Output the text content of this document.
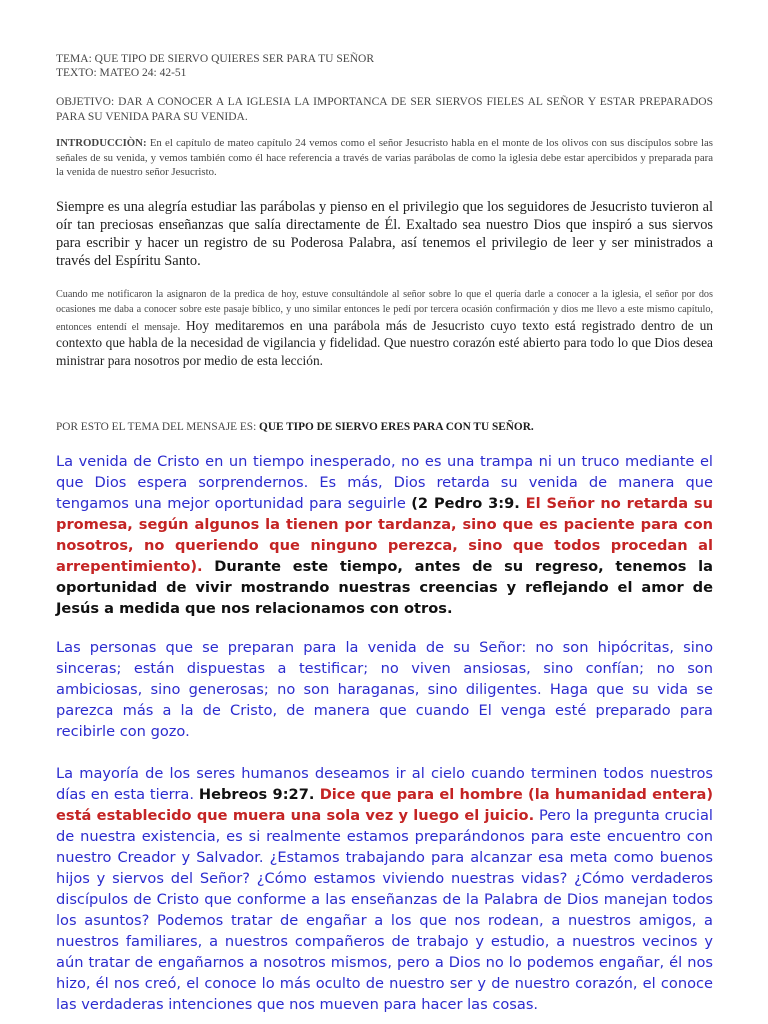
TEMA: QUE TIPO DE SIERVO QUIERES SER PARA TU SEÑOR

TEXTO: MATEO 24: 42-51

OBJETIVO: DAR A CONOCER A LA IGLESIA LA IMPORTANCA DE SER SIERVOS FIELES AL SEÑOR Y ESTAR PREPARADOS PARA SU VENIDA PARA SU VENIDA.

INTRODUCCIÒN: En el capítulo de mateo capítulo 24 vemos como el señor Jesucristo habla en el monte de los olivos con sus discípulos sobre las señales de su venida, y vemos también como él hace referencia a través de varias parábolas de como la iglesia debe estar apercibidos y preparada para la venida de nuestro señor Jesucristo.

Siempre es una alegría estudiar las parábolas y pienso en el privilegio que los seguidores de Jesucristo tuvieron al oír tan preciosas enseñanzas que salía directamente de Él. Exaltado sea nuestro Dios que inspiró a sus siervos para escribir y hacer un registro de su Poderosa Palabra, así tenemos el privilegio de leer y ser ministrados a través del Espíritu Santo.

Cuando me notificaron la asignaron de la predica de hoy, estuve consultándole al señor sobre lo que el quería darle a conocer a la iglesia, el señor por dos ocasiones me daba a conocer sobre este pasaje bíblico, y uno similar entonces le pedí por tercera ocasión confirmación y dios me llevo a este mismo capítulo, entonces entendí el mensaje. Hoy meditaremos en una parábola más de Jesucristo cuyo texto está registrado dentro de un contexto que habla de la necesidad de vigilancia y fidelidad. Que nuestro corazón esté abierto para todo lo que Dios desea ministrar para nosotros por medio de esta lección.

POR ESTO EL TEMA DEL MENSAJE ES: QUE TIPO DE SIERVO ERES PARA CON TU SEÑOR.

La venida de Cristo en un tiempo inesperado, no es una trampa ni un truco mediante el que Dios espera sorprendernos. Es más, Dios retarda su venida de manera que tengamos una mejor oportunidad para seguirle (2 Pedro 3:9. El Señor no retarda su promesa, según algunos la tienen por tardanza, sino que es paciente para con nosotros, no queriendo que ninguno perezca, sino que todos procedan al arrepentimiento). Durante este tiempo, antes de su regreso, tenemos la oportunidad de vivir mostrando nuestras creencias y reflejando el amor de Jesús a medida que nos relacionamos con otros.

Las personas que se preparan para la venida de su Señor: no son hipócritas, sino sinceras; están dispuestas a testificar; no viven ansiosas, sino confían; no son ambiciosas, sino generosas; no son haraganas, sino diligentes. Haga que su vida se parezca más a la de Cristo, de manera que cuando El venga esté preparado para recibirle con gozo.

La mayoría de los seres humanos deseamos ir al cielo cuando terminen todos nuestros días en esta tierra. Hebreos 9:27. Dice que para el hombre (la humanidad entera) está establecido que muera una sola vez y luego el juicio. Pero la pregunta crucial de nuestra existencia, es si realmente estamos preparándonos para este encuentro con nuestro Creador y Salvador. ¿Estamos trabajando para alcanzar esa meta como buenos hijos y siervos del Señor? ¿Cómo estamos viviendo nuestras vidas? ¿Cómo verdaderos discípulos de Cristo que conforme a las enseñanzas de la Palabra de Dios manejan todos los asuntos? Podemos tratar de engañar a los que nos rodean, a nuestros amigos, a nuestros familiares, a nuestros compañeros de trabajo y estudio, a nuestros vecinos y aún tratar de engañarnos a nosotros mismos, pero a Dios no lo podemos engañar, él nos hizo, él nos creó, el conoce lo más oculto de nuestro ser y de nuestro corazón, el conoce las verdaderas intenciones que nos mueven para hacer las cosas.
